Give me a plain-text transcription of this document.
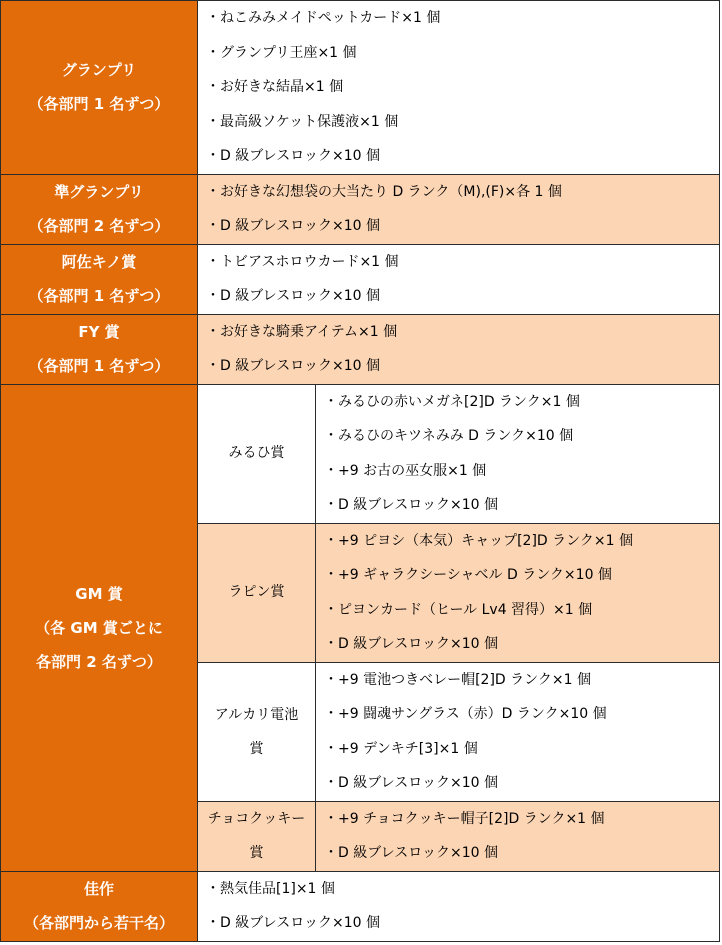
グランプリ
（各部門 1 名ずつ）	・ねこみみメイドペットカード×1 個
・グランプリ王座×1 個
・お好きな結晶×1 個
・最高級ソケット保護液×1 個
・D 級ブレスロック×10 個	

準グランプリ
（各部門 2 名ずつ）	・お好きな幻想袋の大当たり D ランク（M),(F)×各 1 個
・D 級ブレスロック×10 個	

阿佐キノ賞
（各部門 1 名ずつ）	・トビアスホロウカード×1 個
・D 級ブレスロック×10 個	

FY 賞
（各部門 1 名ずつ）	・お好きな騎乗アイテム×1 個
・D 級ブレスロック×10 個	

GM 賞
（各 GM 賞ごとに
各部門 2 名ずつ）	みるひ賞	・みるひの赤いメガネ[2]D ランク×1 個
・みるひのキツネみみ D ランク×10 個
・+9 お古の巫女服×1 個
・D 級ブレスロック×10 個

	ラピン賞	・+9 ピヨシ（本気）キャップ[2]D ランク×1 個
・+9 ギャラクシーシャベル D ランク×10 個
・ピヨンカード（ヒール Lv4 習得）×1 個
・D 級ブレスロック×10 個

	アルカリ電池
賞	・+9 電池つきベレー帽[2]D ランク×1 個
・+9 闘魂サングラス（赤）D ランク×10 個
・+9 デンキチ[3]×1 個
・D 級ブレスロック×10 個

	チョコクッキー
賞	・+9 チョコクッキー帽子[2]D ランク×1 個
・D 級ブレスロック×10 個

佳作
（各部門から若干名）	・熱気佳品[1]×1 個
・D 級ブレスロック×10 個	
